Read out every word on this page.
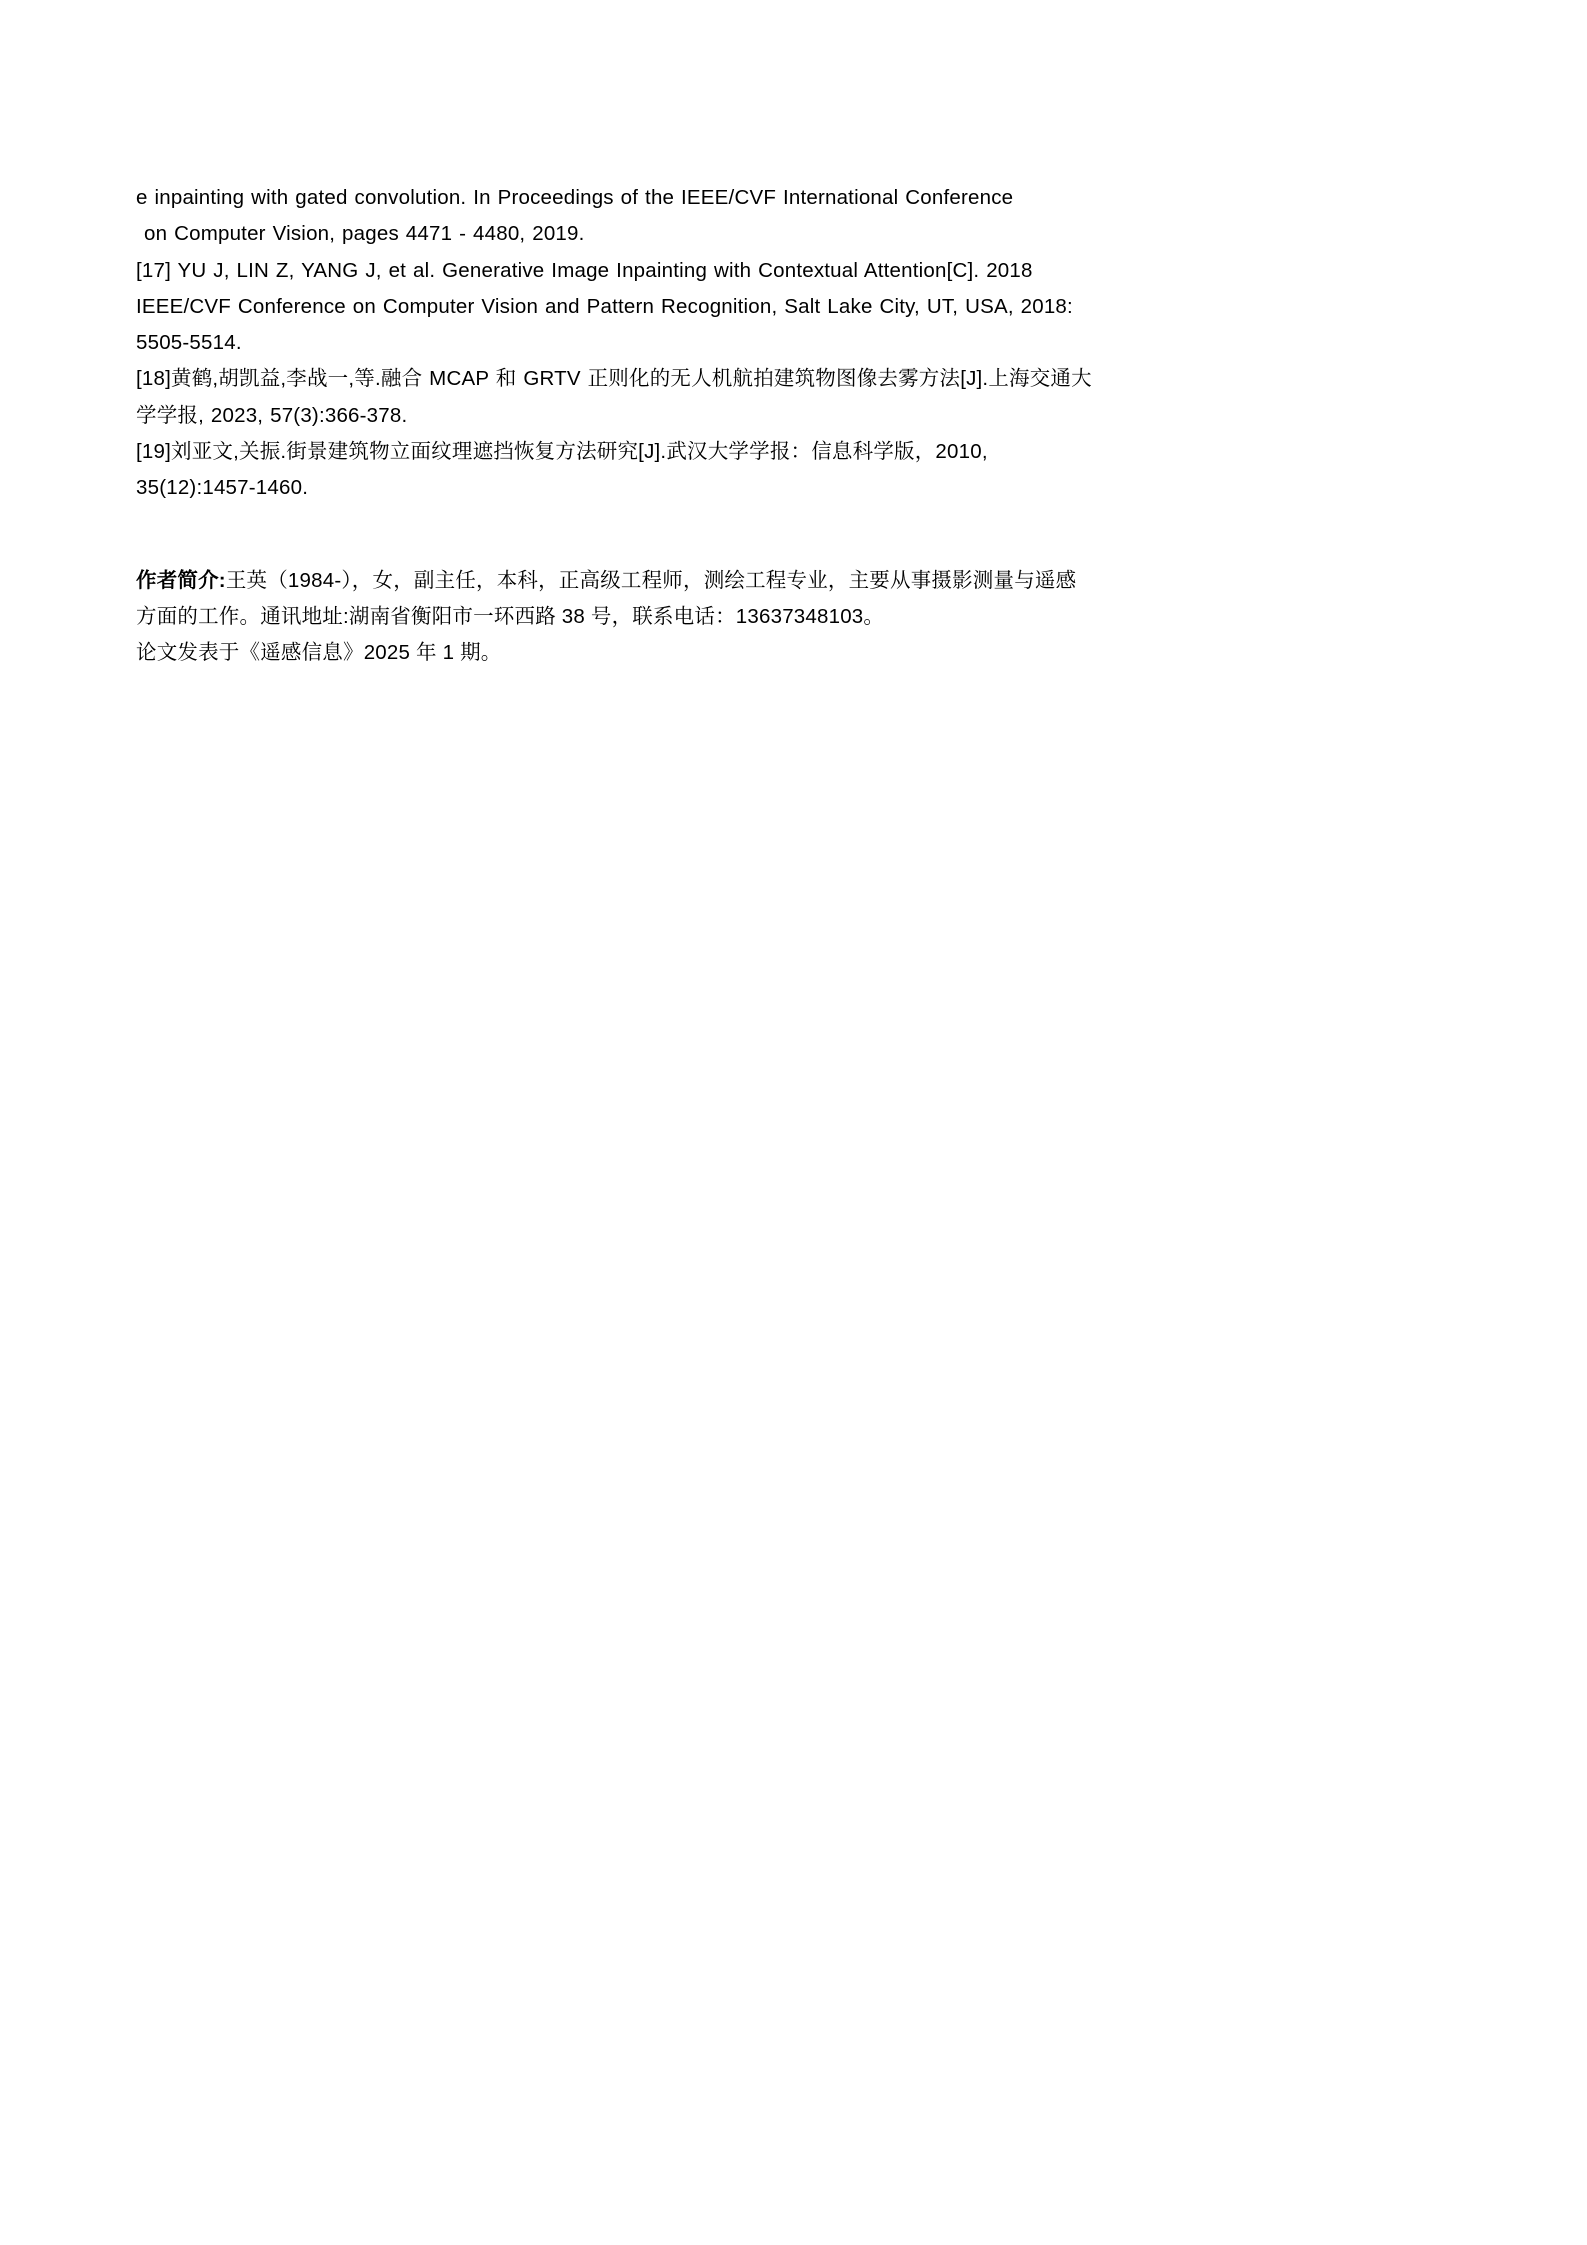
e inpainting with gated convolution. In Proceedings of the IEEE/CVF International Conference

on Computer Vision, pages 4471 - 4480, 2019.

[17] YU J, LIN Z, YANG J, et al. Generative Image Inpainting with Contextual Attention[C]. 2018

IEEE/CVF Conference on Computer Vision and Pattern Recognition, Salt Lake City, UT, USA, 2018:

5505-5514.

[18]黄鹤,胡凯益,李战一,等.融合 MCAP 和 GRTV 正则化的无人机航拍建筑物图像去雾方法[J].上海交通大

学学报, 2023, 57(3):366-378.

[19]刘亚文,关振.街景建筑物立面纹理遮挡恢复方法研究[J].武汉大学学报：信息科学版，2010,

35(12):1457-1460.

作者简介:王英（1984-），女，副主任，本科，正高级工程师，测绘工程专业，主要从事摄影测量与遥感

方面的工作。通讯地址:湖南省衡阳市一环西路 38 号，联系电话：13637348103。

论文发表于《遥感信息》2025 年 1 期。
